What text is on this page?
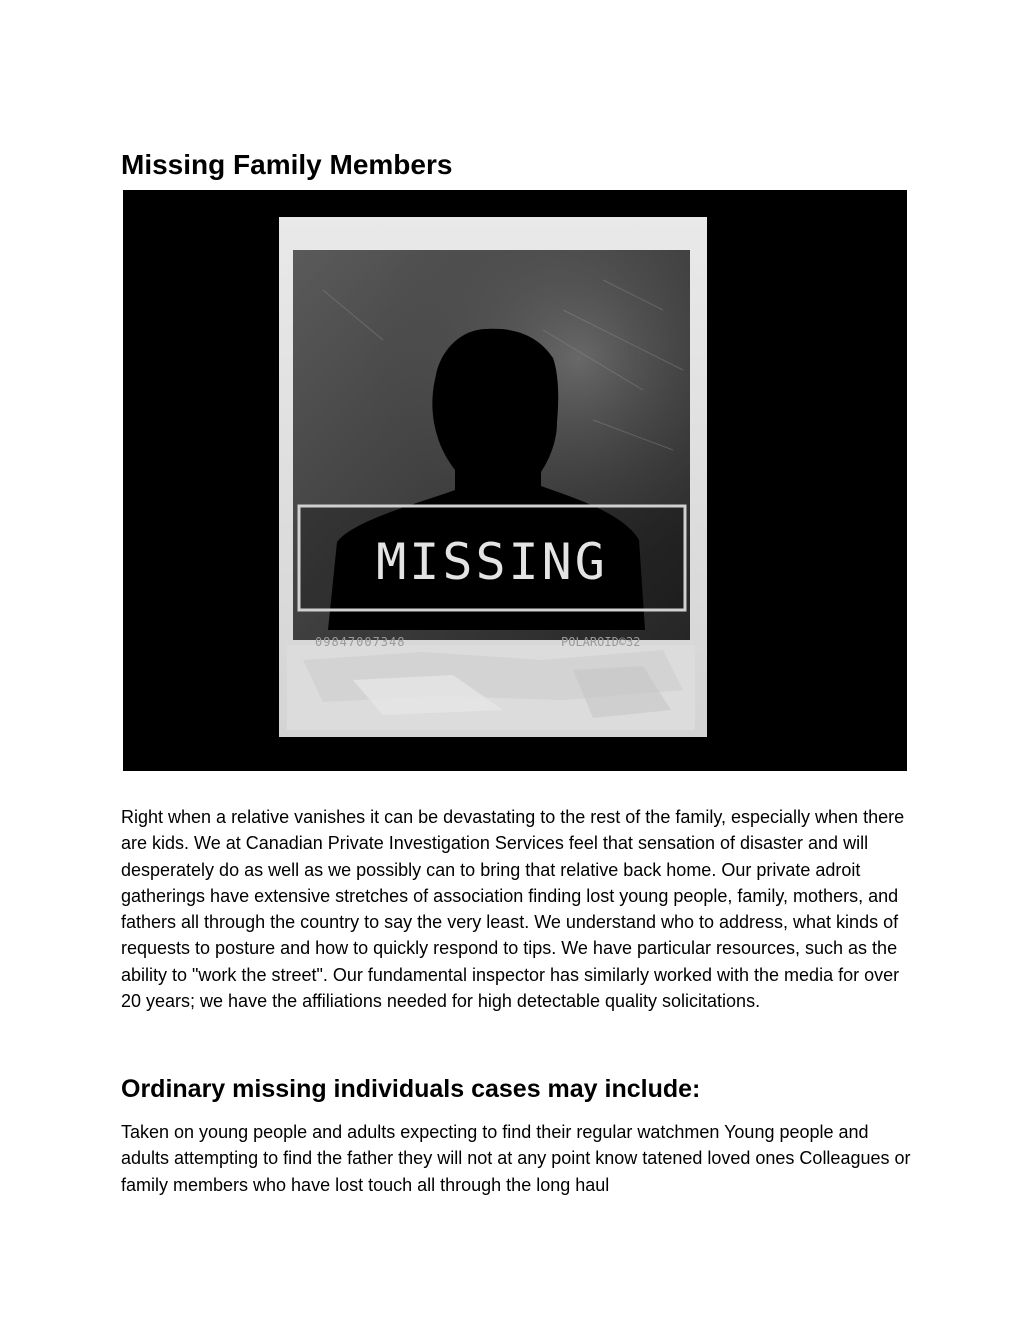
Missing Family Members
MISSING
09847007348	POLAROID©32

Right when a relative vanishes it can be devastating to the rest of the family, especially when there are kids. We at Canadian Private Investigation Services feel that sensation of disaster and will desperately do as well as we possibly can to bring that relative back home. Our private adroit gatherings have extensive stretches of association finding lost young people, family, mothers, and fathers all through the country to say the very least. We understand who to address, what kinds of requests to posture and how to quickly respond to tips. We have particular resources, such as the ability to "work the street". Our fundamental inspector has similarly worked with the media for over 20 years; we have the affiliations needed for high detectable quality solicitations.

Ordinary missing individuals cases may include:

Taken on young people and adults expecting to find their regular watchmen Young people and adults attempting to find the father they will not at any point know tatened loved ones Colleagues or family members who have lost touch all through the long haul
